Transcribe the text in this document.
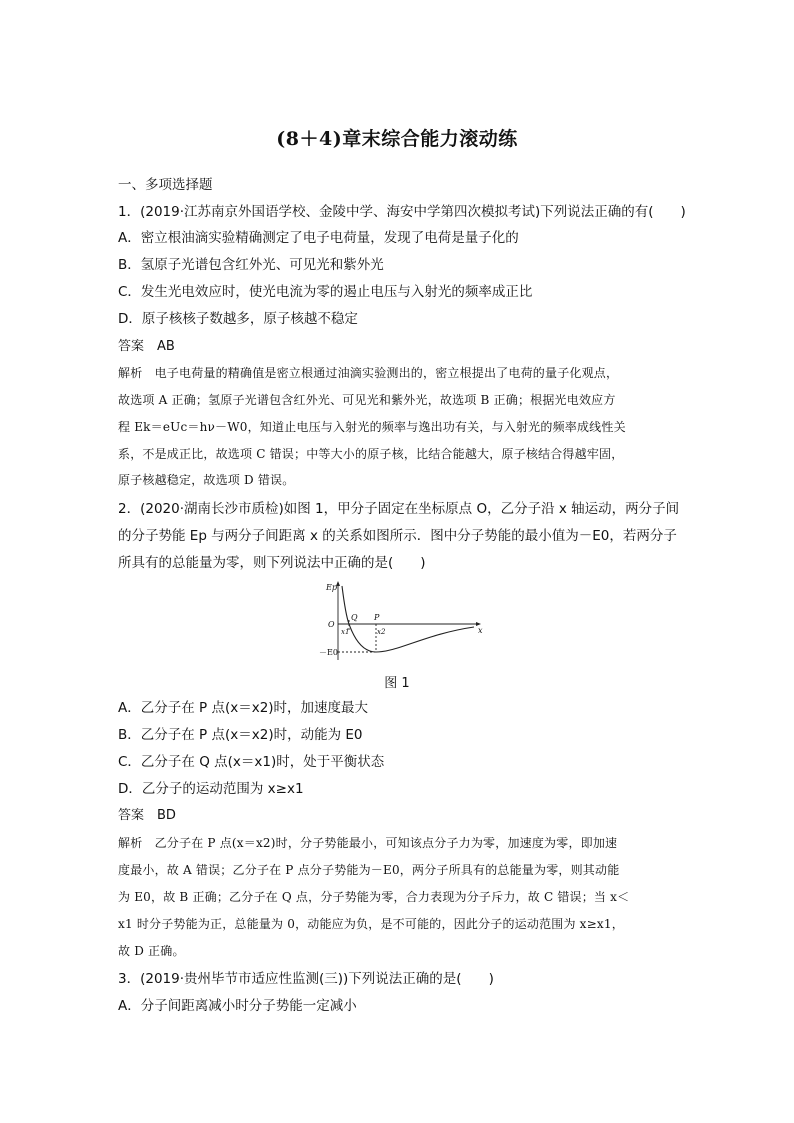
(8＋4)章末综合能力滚动练
一、多项选择题
1．(2019·江苏南京外国语学校、金陵中学、海安中学第四次模拟考试)下列说法正确的有(　　)
A．密立根油滴实验精确测定了电子电荷量，发现了电荷是量子化的
B．氢原子光谱包含红外光、可见光和紫外光
C．发生光电效应时，使光电流为零的遏止电压与入射光的频率成正比
D．原子核核子数越多，原子核越不稳定
答案　AB
解析　电子电荷量的精确值是密立根通过油滴实验测出的，密立根提出了电荷的量子化观点，
故选项 A 正确；氢原子光谱包含红外光、可见光和紫外光，故选项 B 正确；根据光电效应方
程 Ek＝eUc＝hν－W0，知道止电压与入射光的频率与逸出功有关，与入射光的频率成线性关
系，不是成正比，故选项 C 错误；中等大小的原子核，比结合能越大，原子核结合得越牢固，
原子核越稳定，故选项 D 错误。
2．(2020·湖南长沙市质检)如图 1，甲分子固定在坐标原点 O，乙分子沿 x 轴运动，两分子间
的分子势能 Ep 与两分子间距离 x 的关系如图所示．图中分子势能的最小值为－E0，若两分子
所具有的总能量为零，则下列说法中正确的是(　　)
Ep
O
－E0
Q P
x1	x2	x
图 1
A．乙分子在 P 点(x＝x2)时，加速度最大
B．乙分子在 P 点(x＝x2)时，动能为 E0
C．乙分子在 Q 点(x＝x1)时，处于平衡状态
D．乙分子的运动范围为 x≥x1
答案　BD
解析　乙分子在 P 点(x＝x2)时，分子势能最小，可知该点分子力为零，加速度为零，即加速
度最小，故 A 错误；乙分子在 P 点分子势能为－E0，两分子所具有的总能量为零，则其动能
为 E0，故 B 正确；乙分子在 Q 点，分子势能为零，合力表现为分子斥力，故 C 错误；当 x＜
x1 时分子势能为正，总能量为 0，动能应为负，是不可能的，因此分子的运动范围为 x≥x1，
故 D 正确。
3．(2019·贵州毕节市适应性监测(三))下列说法正确的是(　　)
A．分子间距离减小时分子势能一定减小
